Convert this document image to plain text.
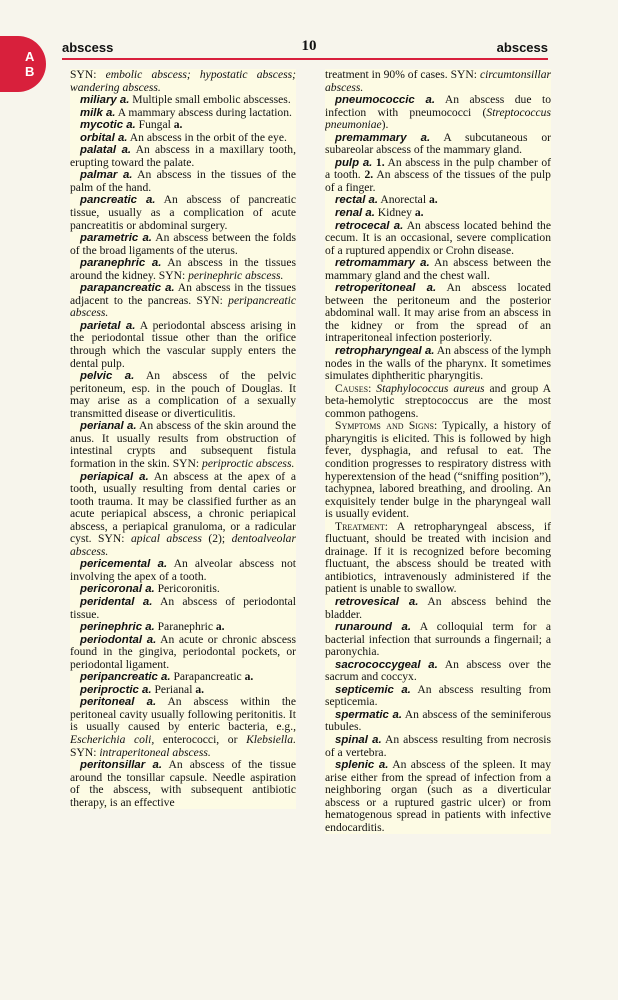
A
B
abscess	10	abscess

SYN: embolic abscess; hypostatic abscess; wandering abscess.

miliary a. Multiple small embolic abscesses.

milk a. A mammary abscess during lactation.

mycotic a. Fungal a.

orbital a. An abscess in the orbit of the eye.

palatal a. An abscess in a maxillary tooth, erupting toward the palate.

palmar a. An abscess in the tissues of the palm of the hand.

pancreatic a. An abscess of pancreatic tissue, usually as a complication of acute pancreatitis or abdominal surgery.

parametric a. An abscess between the folds of the broad ligaments of the uterus.

paranephric a. An abscess in the tissues around the kidney. SYN: perinephric abscess.

parapancreatic a. An abscess in the tissues adjacent to the pancreas. SYN: peripancreatic abscess.

parietal a. A periodontal abscess arising in the periodontal tissue other than the orifice through which the vascular supply enters the dental pulp.

pelvic a. An abscess of the pelvic peritoneum, esp. in the pouch of Douglas. It may arise as a complication of a sexually transmitted disease or diverticulitis.

perianal a. An abscess of the skin around the anus. It usually results from obstruction of intestinal crypts and subsequent fistula formation in the skin. SYN: periproctic abscess.

periapical a. An abscess at the apex of a tooth, usually resulting from dental caries or tooth trauma. It may be classified further as an acute periapical abscess, a chronic periapical abscess, a periapical granuloma, or a radicular cyst. SYN: apical abscess (2); dentoalveolar abscess.

pericemental a. An alveolar abscess not involving the apex of a tooth.

pericoronal a. Pericoronitis.

peridental a. An abscess of periodontal tissue.

perinephric a. Paranephric a.

periodontal a. An acute or chronic abscess found in the gingiva, periodontal pockets, or periodontal ligament.

peripancreatic a. Parapancreatic a.

periproctic a. Perianal a.

peritoneal a. An abscess within the peritoneal cavity usually following peritonitis. It is usually caused by enteric bacteria, e.g., Escherichia coli, enterococci, or Klebsiella. SYN: intraperitoneal abscess.

peritonsillar a. An abscess of the tissue around the tonsillar capsule. Needle aspiration of the abscess, with subsequent antibiotic therapy, is an effective

treatment in 90% of cases. SYN: circumtonsillar abscess.

pneumococcic a. An abscess due to infection with pneumococci (Streptococcus pneumoniae).

premammary a. A subcutaneous or subareolar abscess of the mammary gland.

pulp a. 1. An abscess in the pulp chamber of a tooth. 2. An abscess of the tissues of the pulp of a finger.

rectal a. Anorectal a.

renal a. Kidney a.

retrocecal a. An abscess located behind the cecum. It is an occasional, severe complication of a ruptured appendix or Crohn disease.

retromammary a. An abscess between the mammary gland and the chest wall.

retroperitoneal a. An abscess located between the peritoneum and the posterior abdominal wall. It may arise from an abscess in the kidney or from the spread of an intraperitoneal infection posteriorly.

retropharyngeal a. An abscess of the lymph nodes in the walls of the pharynx. It sometimes simulates diphtheritic pharyngitis.

Causes: Staphylococcus aureus and group A beta-hemolytic streptococcus are the most common pathogens.

Symptoms and Signs: Typically, a history of pharyngitis is elicited. This is followed by high fever, dysphagia, and refusal to eat. The condition progresses to respiratory distress with hyperextension of the head (“sniffing position”), tachypnea, labored breathing, and drooling. An exquisitely tender bulge in the pharyngeal wall is usually evident.

Treatment: A retropharyngeal abscess, if fluctuant, should be treated with incision and drainage. If it is recognized before becoming fluctuant, the abscess should be treated with antibiotics, intravenously administered if the patient is unable to swallow.

retrovesical a. An abscess behind the bladder.

runaround a. A colloquial term for a bacterial infection that surrounds a fingernail; a paronychia.

sacrococcygeal a. An abscess over the sacrum and coccyx.

septicemic a. An abscess resulting from septicemia.

spermatic a. An abscess of the seminiferous tubules.

spinal a. An abscess resulting from necrosis of a vertebra.

splenic a. An abscess of the spleen. It may arise either from the spread of infection from a neighboring organ (such as a diverticular abscess or a ruptured gastric ulcer) or from hematogenous spread in patients with infective endocarditis.
